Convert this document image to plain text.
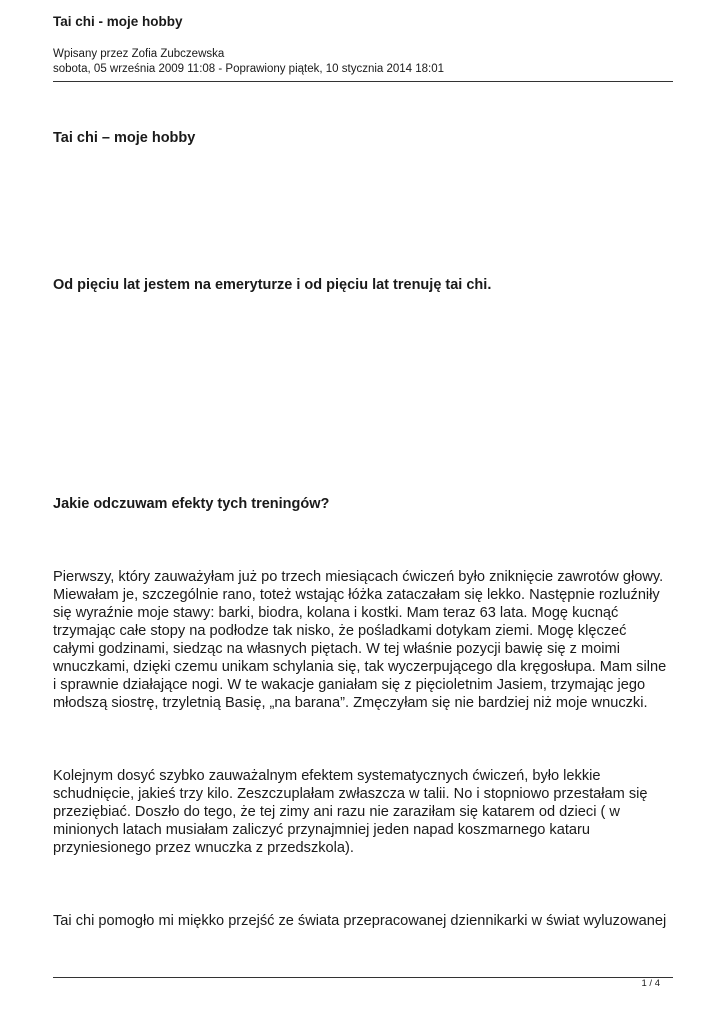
Tai chi - moje hobby
Wpisany przez Zofia Zubczewska
sobota, 05 września 2009 11:08 - Poprawiony piątek, 10 stycznia 2014 18:01
Tai chi – moje hobby
Od pięciu lat jestem na emeryturze i od pięciu lat trenuję tai chi.
Jakie odczuwam efekty tych treningów?

Pierwszy, który zauważyłam już po trzech miesiącach ćwiczeń było zniknięcie zawrotów głowy.
Miewałam je, szczególnie rano, toteż wstając łóżka zataczałam się lekko. Następnie rozluźniły
się wyraźnie moje stawy: barki, biodra, kolana i kostki. Mam teraz 63 lata. Mogę kucnąć
trzymając całe stopy na podłodze tak nisko, że pośladkami dotykam ziemi. Mogę klęczeć
całymi godzinami, siedząc na własnych piętach. W tej właśnie pozycji bawię się z moimi
wnuczkami, dzięki czemu unikam schylania się, tak wyczerpującego dla kręgosłupa. Mam silne
i sprawnie działające nogi. W te wakacje ganiałam się z pięcioletnim Jasiem, trzymając jego
młodszą siostrę, trzyletnią Basię, „na barana”. Zmęczyłam się nie bardziej niż moje wnuczki.

Kolejnym dosyć szybko zauważalnym efektem systematycznych ćwiczeń, było lekkie
schudnięcie, jakieś trzy kilo. Zeszczuplałam zwłaszcza w talii. No i stopniowo przestałam się
przeziębiać. Doszło do tego, że tej zimy ani razu nie zaraziłam się katarem od dzieci ( w
minionych latach musiałam zaliczyć przynajmniej jeden napad koszmarnego kataru
przyniesionego przez wnuczka z przedszkola).

Tai chi pomogło mi miękko przejść ze świata przepracowanej dziennikarki w świat wyluzowanej

1 / 4
